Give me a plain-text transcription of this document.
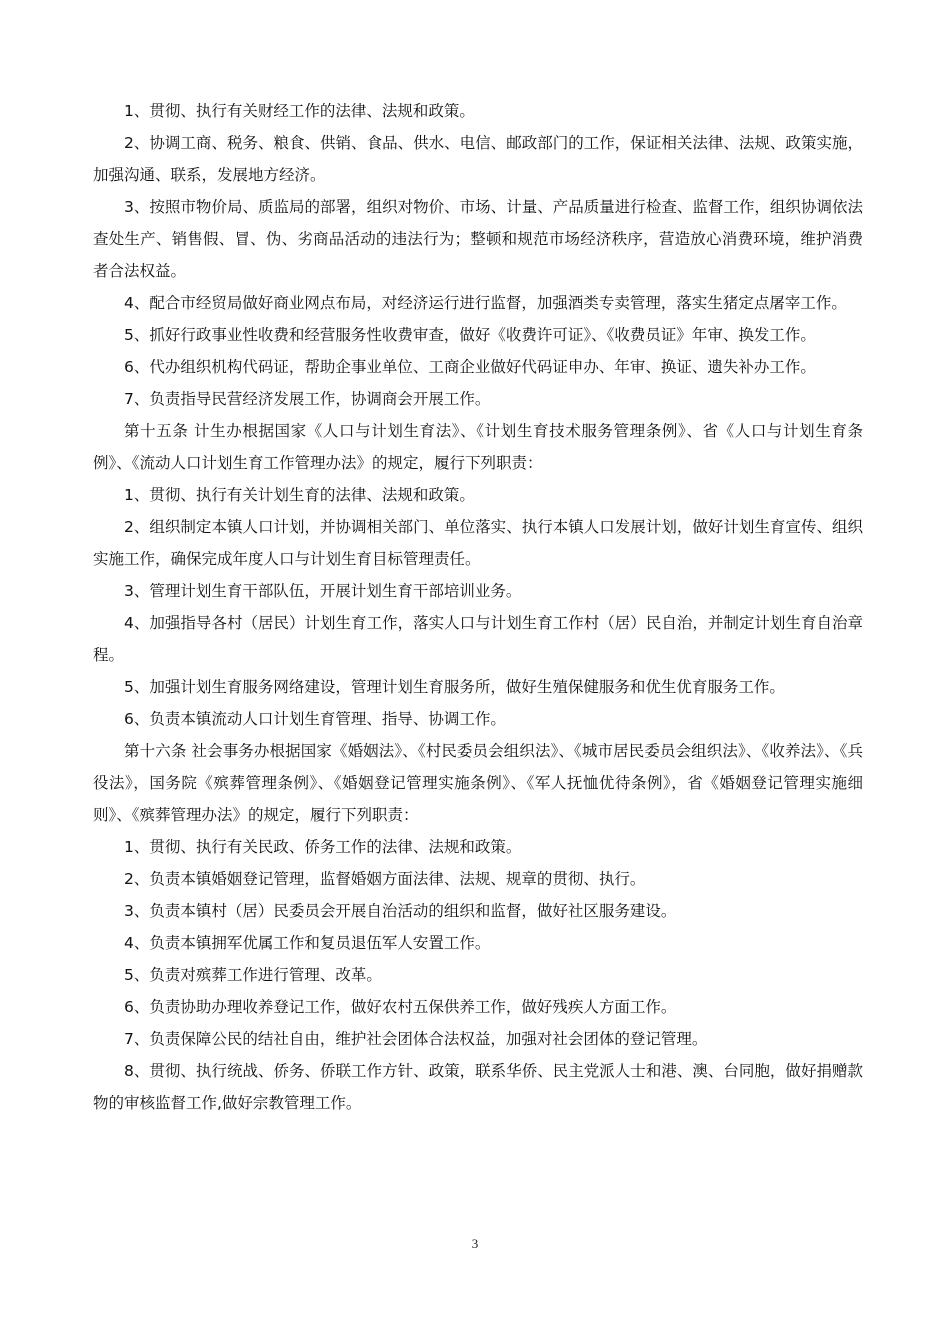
1、贯彻、执行有关财经工作的法律、法规和政策。

2、协调工商、税务、粮食、供销、食品、供水、电信、邮政部门的工作，保证相关法律、法规、政策实施，加强沟通、联系，发展地方经济。

3、按照市物价局、质监局的部署，组织对物价、市场、计量、产品质量进行检查、监督工作，组织协调依法查处生产、销售假、冒、伪、劣商品活动的违法行为；整顿和规范市场经济秩序，营造放心消费环境，维护消费者合法权益。

4、配合市经贸局做好商业网点布局，对经济运行进行监督，加强酒类专卖管理，落实生猪定点屠宰工作。

5、抓好行政事业性收费和经营服务性收费审查，做好《收费许可证》、《收费员证》年审、换发工作。

6、代办组织机构代码证，帮助企事业单位、工商企业做好代码证申办、年审、换证、遗失补办工作。

7、负责指导民营经济发展工作，协调商会开展工作。

第十五条 计生办根据国家《人口与计划生育法》、《计划生育技术服务管理条例》、省《人口与计划生育条例》、《流动人口计划生育工作管理办法》的规定，履行下列职责：

1、贯彻、执行有关计划生育的法律、法规和政策。

2、组织制定本镇人口计划，并协调相关部门、单位落实、执行本镇人口发展计划，做好计划生育宣传、组织实施工作，确保完成年度人口与计划生育目标管理责任。

3、管理计划生育干部队伍，开展计划生育干部培训业务。

4、加强指导各村（居民）计划生育工作，落实人口与计划生育工作村（居）民自治，并制定计划生育自治章程。

5、加强计划生育服务网络建设，管理计划生育服务所，做好生殖保健服务和优生优育服务工作。

6、负责本镇流动人口计划生育管理、指导、协调工作。

第十六条 社会事务办根据国家《婚姻法》、《村民委员会组织法》、《城市居民委员会组织法》、《收养法》、《兵役法》，国务院《殡葬管理条例》、《婚姻登记管理实施条例》、《军人抚恤优待条例》，省《婚姻登记管理实施细则》、《殡葬管理办法》的规定，履行下列职责：

1、贯彻、执行有关民政、侨务工作的法律、法规和政策。

2、负责本镇婚姻登记管理，监督婚姻方面法律、法规、规章的贯彻、执行。

3、负责本镇村（居）民委员会开展自治活动的组织和监督，做好社区服务建设。

4、负责本镇拥军优属工作和复员退伍军人安置工作。

5、负责对殡葬工作进行管理、改革。

6、负责协助办理收养登记工作，做好农村五保供养工作，做好残疾人方面工作。

7、负责保障公民的结社自由，维护社会团体合法权益，加强对社会团体的登记管理。

8、贯彻、执行统战、侨务、侨联工作方针、政策，联系华侨、民主党派人士和港、澳、台同胞，做好捐赠款物的审核监督工作,做好宗教管理工作。

3
